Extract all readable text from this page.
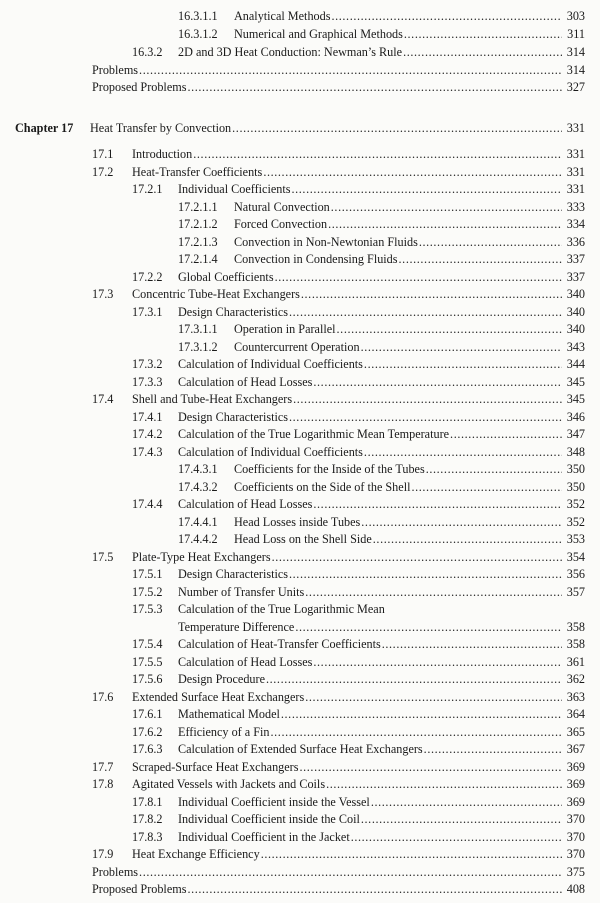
16.3.1.1	Analytical Methods .....	303
16.3.1.2	Numerical and Graphical Methods .....	311
16.3.2	2D and 3D Heat Conduction: Newman’s Rule .....	314
Problems .....	314
Proposed Problems .....	327
Chapter 17	Heat Transfer by Convection .....	331
17.1	Introduction .....	331
17.2	Heat-Transfer Coefficients .....	331
17.2.1	Individual Coefficients .....	331
17.2.1.1	Natural Convection .....	333
17.2.1.2	Forced Convection .....	334
17.2.1.3	Convection in Non-Newtonian Fluids .....	336
17.2.1.4	Convection in Condensing Fluids .....	337
17.2.2	Global Coefficients .....	337
17.3	Concentric Tube-Heat Exchangers .....	340
17.3.1	Design Characteristics .....	340
17.3.1.1	Operation in Parallel .....	340
17.3.1.2	Countercurrent Operation .....	343
17.3.2	Calculation of Individual Coefficients .....	344
17.3.3	Calculation of Head Losses .....	345
17.4	Shell and Tube-Heat Exchangers .....	345
17.4.1	Design Characteristics .....	346
17.4.2	Calculation of the True Logarithmic Mean Temperature .....	347
17.4.3	Calculation of Individual Coefficients .....	348
17.4.3.1	Coefficients for the Inside of the Tubes .....	350
17.4.3.2	Coefficients on the Side of the Shell .....	350
17.4.4	Calculation of Head Losses .....	352
17.4.4.1	Head Losses inside Tubes .....	352
17.4.4.2	Head Loss on the Shell Side .....	353
17.5	Plate-Type Heat Exchangers .....	354
17.5.1	Design Characteristics .....	356
17.5.2	Number of Transfer Units .....	357
17.5.3	Calculation of the True Logarithmic Mean
Temperature Difference .....	358
17.5.4	Calculation of Heat-Transfer Coefficients .....	358
17.5.5	Calculation of Head Losses .....	361
17.5.6	Design Procedure .....	362
17.6	Extended Surface Heat Exchangers .....	363
17.6.1	Mathematical Model .....	364
17.6.2	Efficiency of a Fin .....	365
17.6.3	Calculation of Extended Surface Heat Exchangers .....	367
17.7	Scraped-Surface Heat Exchangers .....	369
17.8	Agitated Vessels with Jackets and Coils .....	369
17.8.1	Individual Coefficient inside the Vessel .....	369
17.8.2	Individual Coefficient inside the Coil .....	370
17.8.3	Individual Coefficient in the Jacket .....	370
17.9	Heat Exchange Efficiency .....	370
Problems .....	375
Proposed Problems .....	408
